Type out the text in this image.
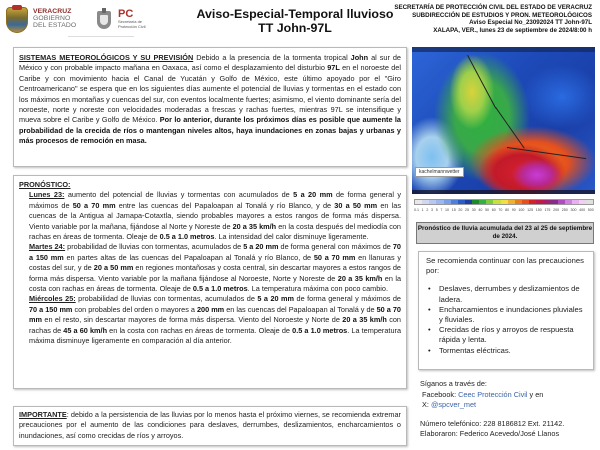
VERACRUZ
GOBIERNO
DEL ESTADO
PC
Secretaría de
Protección Civil
Aviso-Especial-Temporal lluvioso
TT John-97L
SECRETARÍA DE PROTECCIÓN CIVIL DEL ESTADO DE VERACRUZ
SUBDIRECCIÓN DE ESTUDIOS Y PRON. METEOROLÓGICOS
Aviso Especial No_23092024 TT John-97L
XALAPA, VER., lunes 23 de septiembre de 2024/8:00 h

SISTEMAS METEOROLÓGICOS Y SU PREVISIÓN Debido a la presencia de la tormenta tropical John al sur de México y con probable impacto mañana en Oaxaca, así como el desplazamiento del disturbio 97L en el noroeste del Caribe y con movimiento hacia el Canal de Yucatán y Golfo de México, este último apoyado por el "Giro Centroamericano" se espera que en los siguientes días aumente el potencial de lluvias y tormentas en el estado con los máximos en montañas y cuencas del sur, con eventos localmente fuertes; asimismo, el viento dominante sería del noroeste, norte y noreste con velocidades moderadas a frescas y rachas fuertes, mientras 97L se intensifique y mueva sobre el Caribe y Golfo de México. Por lo anterior, durante los próximos días es posible que aumente la probabilidad de la crecida de ríos o mantengan niveles altos, haya inundaciones en zonas bajas y urbanas y más procesos de remoción en masa.

PRONÓSTICO:

Lunes 23: aumento del potencial de lluvias y tormentas con acumulados de 5 a 20 mm de forma general y máximos de 50 a 70 mm entre las cuencas del Papaloapan al Tonalá y río Blanco, y de 30 a 50 mm en las cuencas de la Antigua al Jamapa-Cotaxtla, siendo probables mayores a estos rangos de forma más dispersa. Viento variable por la mañana, fijándose al Norte y Noreste de 20 a 35 km/h en la costa después del mediodía con rachas en áreas de tormenta. Oleaje de 0.5 a 1.0 metros. La intensidad del calor disminuye ligeramente.

Martes 24: probabilidad de lluvias con tormentas, acumulados de 5 a 20 mm de forma general con máximos de 70 a 150 mm en partes altas de las cuencas del Papaloapan al Tonalá y río Blanco, de 50 a 70 mm en llanuras y costas del sur, y de 20 a 50 mm en regiones montañosas y costa central, sin descartar mayores a estos rangos de forma más dispersa. Viento variable por la mañana fijándose al Noroeste, Norte y Noreste de 20 a 35 km/h en la costa con rachas en áreas de tormenta. Oleaje de 0.5 a 1.0 metros. La temperatura máxima con poco cambio.

Miércoles 25: probabilidad de lluvias con tormentas, acumulados de 5 a 20 mm de forma general y máximos de 70 a 150 mm con probables del orden o mayores a 200 mm en las cuencas del Papaloapan al Tonalá y de 50 a 70 mm en el resto, sin descartar mayores de forma más dispersa. Viento del Noroeste y Norte de 20 a 35 km/h con rachas de 45 a 60 km/h en la costa con rachas en áreas de tormenta. Oleaje de 0.5 a 1.0 metros. La temperatura máxima disminuye ligeramente en comparación al día anterior.

IMPORTANTE: debido a la persistencia de las lluvias por lo menos hasta el próximo viernes, se recomienda extremar precauciones por el aumento de las condiciones para deslaves, derrumbes, deslizamientos, encharcamientos o inundaciones, así como crecidas de ríos y arroyos.

kachelmannwetter
0.1 1 2 3 5 7 10 15 20 25 30 40 50 60 70 80 90 100 125 150 175 200 250 300 400 500
Pronóstico de lluvia acumulada del 23 al 25 de septiembre de 2024.
Se recomienda continuar con las precauciones por:
• Deslaves, derrumbes y deslizamientos de ladera.
• Encharcamientos e inundaciones pluviales y fluviales.
• Crecidas de ríos y arroyos de respuesta rápida y lenta.
• Tormentas eléctricas.
Síganos a través de:
Facebook: Ceec Protección Civil y en
X: @spcver_met
Número telefónico: 228 8186812 Ext. 21142.
Elaboraron: Federico Acevedo/José Llanos
